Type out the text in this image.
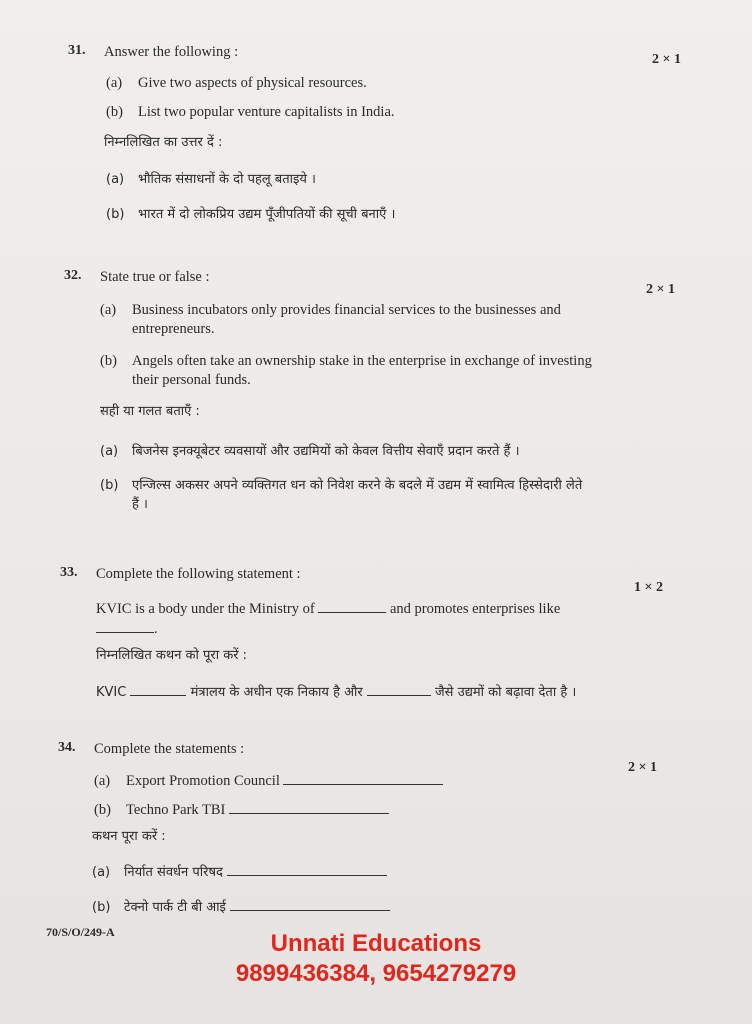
31. Answer the following :	2 × 1
(a) Give two aspects of physical resources.
(b) List two popular venture capitalists in India.
निम्नलिखित का उत्तर दें :
(a) भौतिक संसाधनों के दो पहलू बताइये ।
(b) भारत में दो लोकप्रिय उद्यम पूँजीपतियों की सूची बनाएँ ।
32. State true or false :
2 × 1
(a) Business incubators only provides financial services to the businesses and
entrepreneurs.
(b) Angels often take an ownership stake in the enterprise in exchange of investing
their personal funds.
सही या गलत बताएँ :
(a) बिजनेस इनक्यूबेटर व्यवसायों और उद्यमियों को केवल वित्तीय सेवाएँ प्रदान करते हैं ।
(b) एन्जिल्स अकसर अपने व्यक्तिगत धन को निवेश करने के बदले में उद्यम में स्वामित्व हिस्सेदारी लेते
हैं ।
33. Complete the following statement :
1 × 2
KVIC is a body under the Ministry of	and promotes enterprises like
.
निम्नलिखित कथन को पूरा करें :
KVIC	मंत्रालय के अधीन एक निकाय है और	जैसे उद्यमों को बढ़ावा देता है ।
34. Complete the statements :
2 × 1
(a) Export Promotion Council
(b) Techno Park TBI
कथन पूरा करें :
(a) निर्यात संवर्धन परिषद
(b) टेक्नो पार्क टी बी आई
70/S/O/249-A	Unnati Educations
9899436384, 9654279279
